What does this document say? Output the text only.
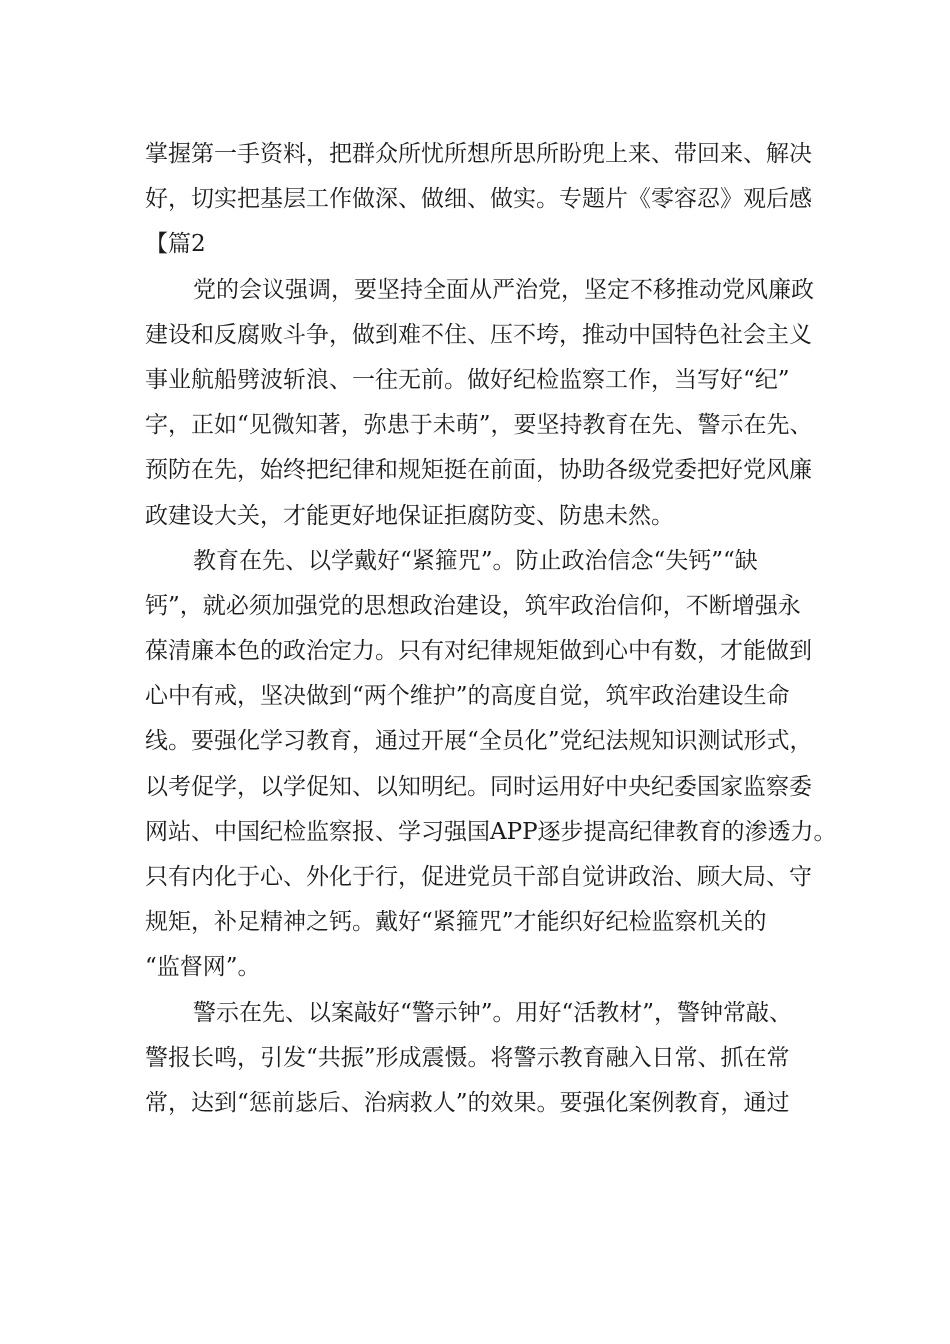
掌握第一手资料，把群众所忧所想所思所盼兜上来、带回来、解决
好，切实把基层工作做深、做细、做实。专题片《零容忍》观后感
【篇2
党的会议强调，要坚持全面从严治党，坚定不移推动党风廉政
建设和反腐败斗争，做到难不住、压不垮，推动中国特色社会主义
事业航船劈波斩浪、一往无前。做好纪检监察工作，当写好“纪”
字，正如“见微知著，弥患于未萌”，要坚持教育在先、警示在先、
预防在先，始终把纪律和规矩挺在前面，协助各级党委把好党风廉
政建设大关，才能更好地保证拒腐防变、防患未然。
教育在先、以学戴好“紧箍咒”。防止政治信念“失钙”“缺
钙”，就必须加强党的思想政治建设，筑牢政治信仰，不断增强永
葆清廉本色的政治定力。只有对纪律规矩做到心中有数，才能做到
心中有戒，坚决做到“两个维护”的高度自觉，筑牢政治建设生命
线。要强化学习教育，通过开展“全员化”党纪法规知识测试形式，
以考促学，以学促知、以知明纪。同时运用好中央纪委国家监察委
网站、中国纪检监察报、学习强国APP逐步提高纪律教育的渗透力。
只有内化于心、外化于行，促进党员干部自觉讲政治、顾大局、守
规矩，补足精神之钙。戴好“紧箍咒”才能织好纪检监察机关的
“监督网”。
警示在先、以案敲好“警示钟”。用好“活教材”，警钟常敲、
警报长鸣，引发“共振”形成震慑。将警示教育融入日常、抓在常
常，达到“惩前毖后、治病救人”的效果。要强化案例教育，通过
